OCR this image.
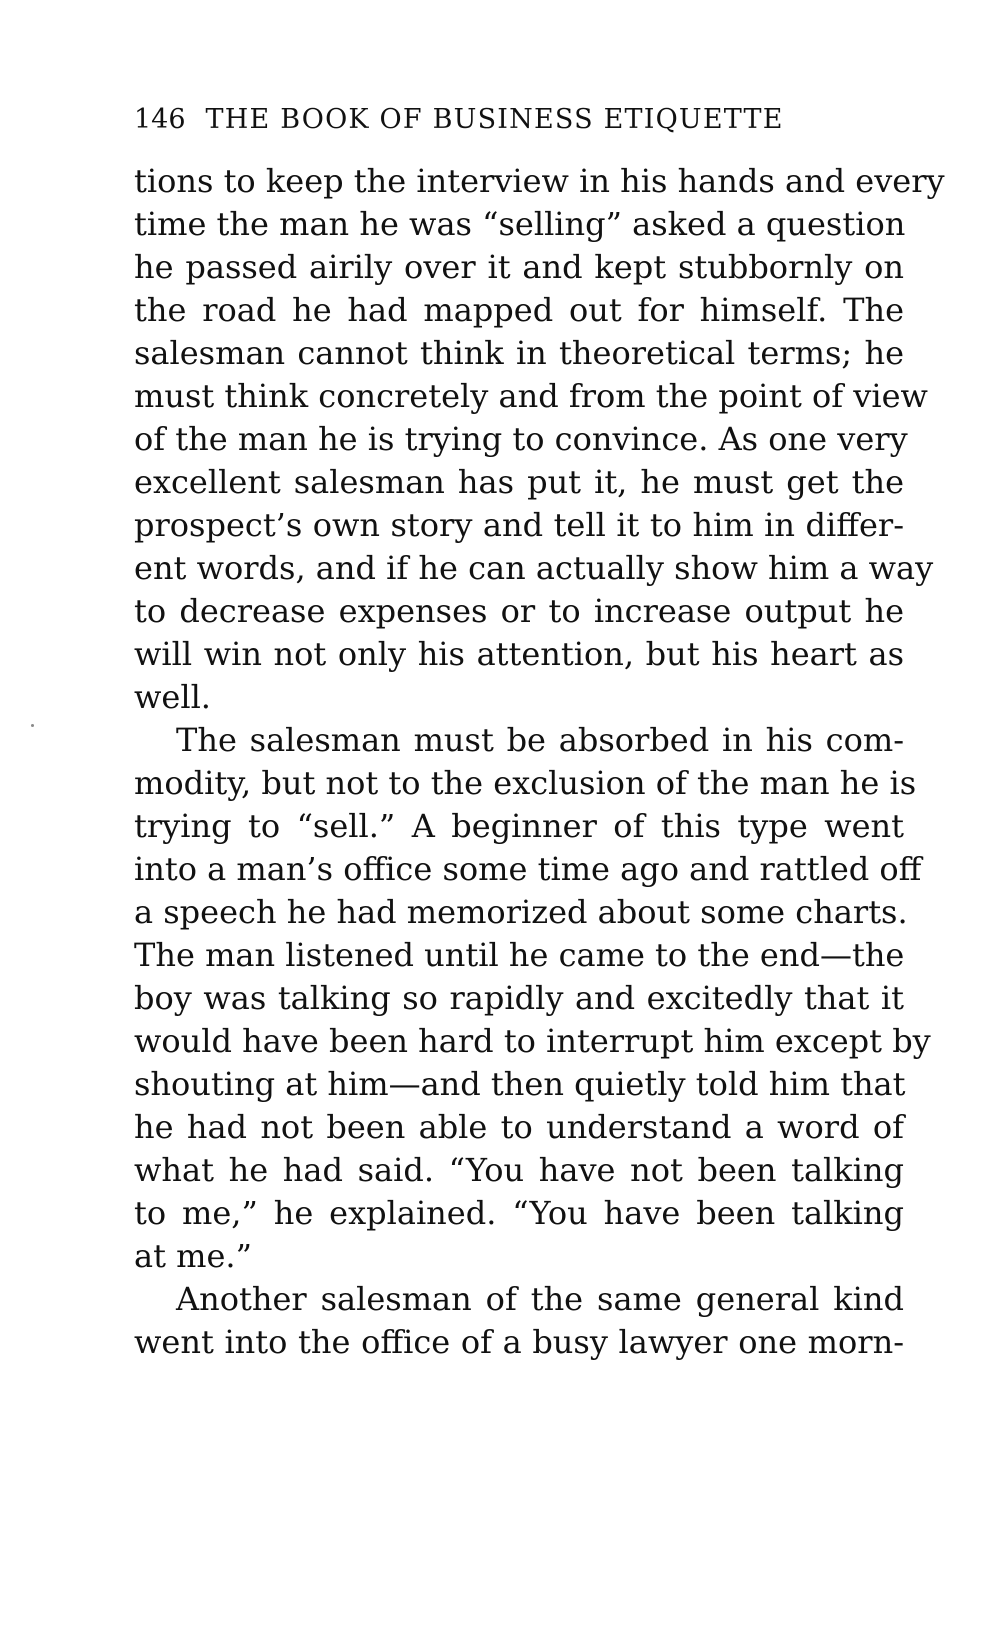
146 THE BOOK OF BUSINESS ETIQUETTE
tions to keep the interview in his hands and every
time the man he was “selling” asked a question
he passed airily over it and kept stubbornly on
the road he had mapped out for himself. The
salesman cannot think in theoretical terms; he
must think concretely and from the point of view
of the man he is trying to convince. As one very
excellent salesman has put it, he must get the
prospect’s own story and tell it to him in differ-
ent words, and if he can actually show him a way
to decrease expenses or to increase output he
will win not only his attention, but his heart as
well.
The salesman must be absorbed in his com-
modity, but not to the exclusion of the man he is
trying to “sell.” A beginner of this type went
into a man’s office some time ago and rattled off
a speech he had memorized about some charts.
The man listened until he came to the end—the
boy was talking so rapidly and excitedly that it
would have been hard to interrupt him except by
shouting at him—and then quietly told him that
he had not been able to understand a word of
what he had said. “You have not been talking
to me,” he explained. “You have been talking
at me.”
Another salesman of the same general kind
went into the office of a busy lawyer one morn-
